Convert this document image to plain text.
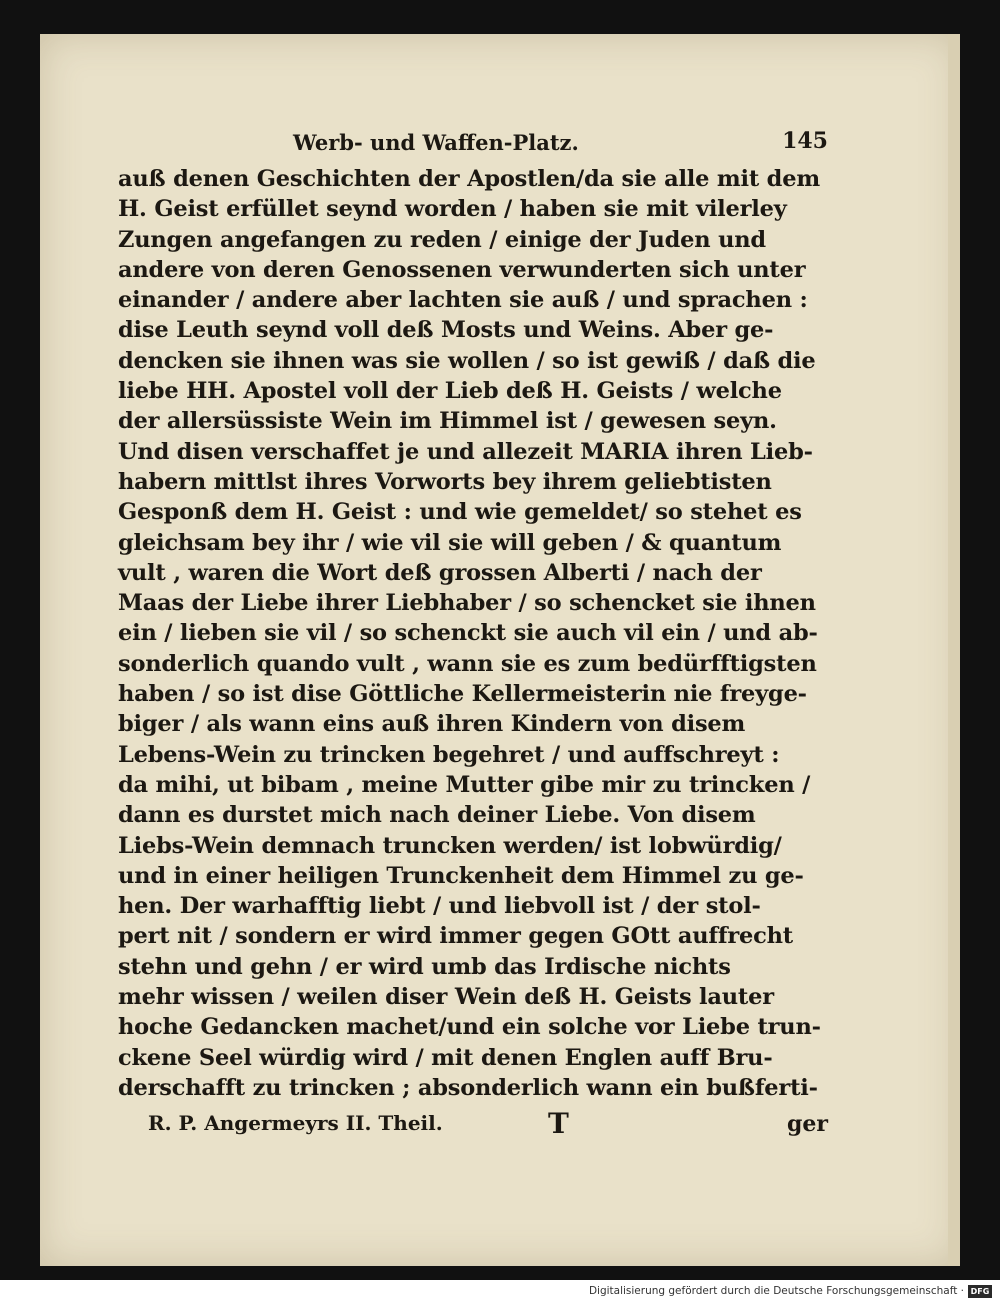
Werb- und Waffen-Platz.	145
auß denen Geschichten der Apostlen/da sie alle mit dem
H. Geist erfüllet seynd worden / haben sie mit vilerley
Zungen angefangen zu reden / einige der Juden und
andere von deren Genossenen verwunderten sich unter
einander / andere aber lachten sie auß / und sprachen :
dise Leuth seynd voll deß Mosts und Weins. Aber ge-
dencken sie ihnen was sie wollen / so ist gewiß / daß die
liebe HH. Apostel voll der Lieb deß H. Geists / welche
der allersüssiste Wein im Himmel ist / gewesen seyn.
Und disen verschaffet je und allezeit MARIA ihren Lieb-
habern mittlst ihres Vorworts bey ihrem geliebtisten
Gesponß dem H. Geist : und wie gemeldet/ so stehet es
gleichsam bey ihr / wie vil sie will geben / & quantum
vult , waren die Wort deß grossen Alberti / nach der
Maas der Liebe ihrer Liebhaber / so schencket sie ihnen
ein / lieben sie vil / so schenckt sie auch vil ein / und ab-
sonderlich quando vult , wann sie es zum bedürfftigsten
haben / so ist dise Göttliche Kellermeisterin nie freyge-
biger / als wann eins auß ihren Kindern von disem
Lebens-Wein zu trincken begehret / und auffschreyt :
da mihi, ut bibam , meine Mutter gibe mir zu trincken /
dann es durstet mich nach deiner Liebe. Von disem
Liebs-Wein demnach truncken werden/ ist lobwürdig/
und in einer heiligen Trunckenheit dem Himmel zu ge-
hen. Der warhafftig liebt / und liebvoll ist / der stol-
pert nit / sondern er wird immer gegen GOtt auffrecht
stehn und gehn / er wird umb das Irdische nichts
mehr wissen / weilen diser Wein deß H. Geists lauter
hoche Gedancken machet/und ein solche vor Liebe trun-
ckene Seel würdig wird / mit denen Englen auff Bru-
derschafft zu trincken ; absonderlich wann ein bußferti-
R. P. Angermeyrs II. Theil.	T	ger
Digitalisierung gefördert durch die Deutsche Forschungsgemeinschaft · DFG
